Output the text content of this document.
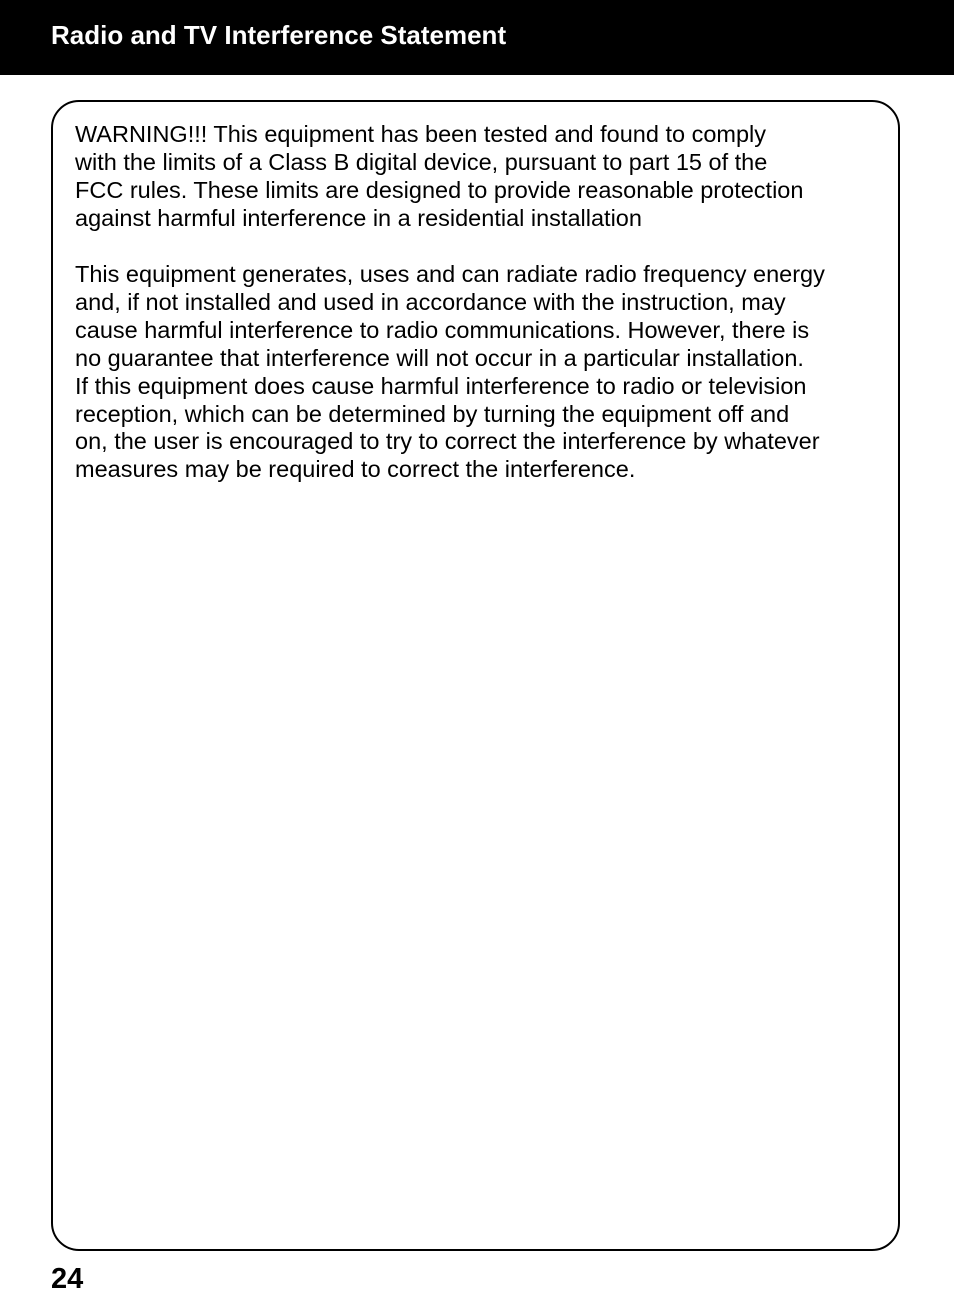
Radio and TV Interference Statement
WARNING!!! This equipment has been tested and found to comply
with the limits of a Class B digital device, pursuant to part 15 of the
FCC rules. These limits are designed to provide reasonable protection
against harmful interference in a residential installation
This equipment generates, uses and can radiate radio frequency energy
and, if not installed and used in accordance with the instruction, may
cause harmful interference to radio communications. However, there is
no guarantee that interference will not occur in a particular installation.
If this equipment does cause harmful interference to radio or television
reception, which can be determined by turning the equipment off and
on, the user is encouraged to try to correct the interference by whatever
measures may be required to correct the interference.
24
